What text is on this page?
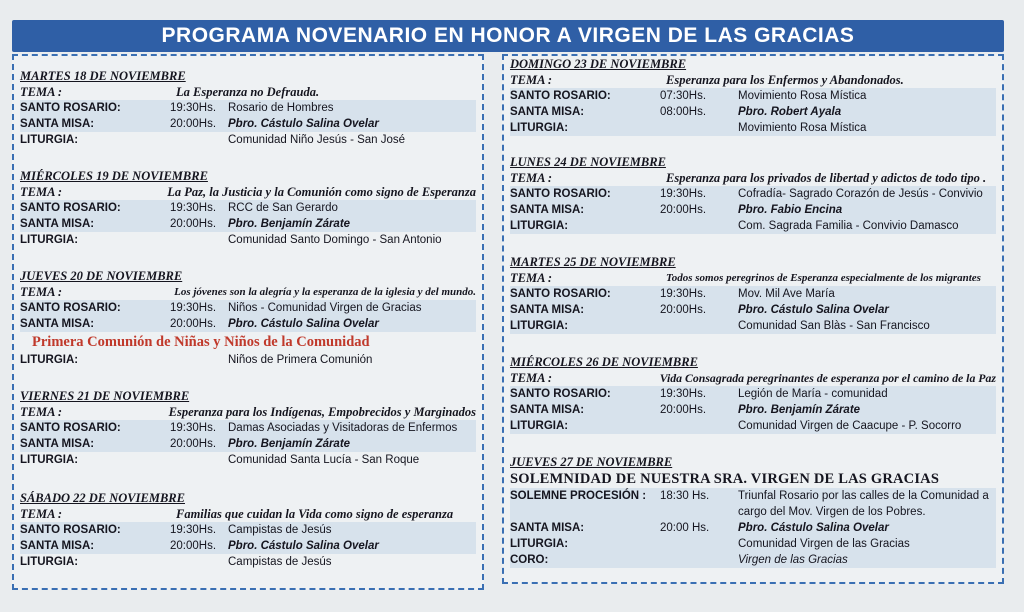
PROGRAMA NOVENARIO EN HONOR A VIRGEN DE LAS GRACIAS
MARTES 18 DE NOVIEMBRE
TEMA :	La Esperanza no Defrauda.
SANTO ROSARIO:	19:30Hs.	Rosario de Hombres
SANTA MISA:	20:00Hs.	Pbro. Cástulo Salina Ovelar
LITURGIA:	Comunidad Niño Jesús - San José
MIÉRCOLES 19 DE NOVIEMBRE
TEMA :	La Paz, la Justicia y la Comunión como signo de Esperanza
SANTO ROSARIO:	19:30Hs.	RCC de San Gerardo
SANTA MISA:	20:00Hs.	Pbro. Benjamín Zárate
LITURGIA:	Comunidad Santo Domingo - San Antonio
JUEVES 20 DE NOVIEMBRE
TEMA :	Los jóvenes son la alegría y la esperanza de la iglesia y del mundo.
SANTO ROSARIO:	19:30Hs.	Niños - Comunidad Virgen de Gracias
SANTA MISA:	20:00Hs.	Pbro. Cástulo Salina Ovelar
Primera Comunión de Niñas y Niños de la Comunidad
LITURGIA:	Niños de Primera Comunión
VIERNES 21 DE NOVIEMBRE
TEMA :	Esperanza para los Indígenas, Empobrecidos y Marginados
SANTO ROSARIO:	19:30Hs.	Damas Asociadas y Visitadoras de Enfermos
SANTA MISA:	20:00Hs.	Pbro. Benjamín Zárate
LITURGIA:	Comunidad Santa Lucía - San Roque
SÁBADO 22 DE NOVIEMBRE
TEMA :	Familias que cuidan la Vida como signo de esperanza
SANTO ROSARIO:	19:30Hs.	Campistas de Jesús
SANTA MISA:	20:00Hs.	Pbro. Cástulo Salina Ovelar
LITURGIA:	Campistas de Jesús
DOMINGO 23 DE NOVIEMBRE
TEMA :	Esperanza para los Enfermos y Abandonados.
SANTO ROSARIO:	07:30Hs.	Movimiento Rosa Mística
SANTA MISA:	08:00Hs.	Pbro. Robert Ayala
LITURGIA:	Movimiento Rosa Mística
LUNES 24 DE NOVIEMBRE
TEMA :	Esperanza para los privados de libertad y adictos de todo tipo .
SANTO ROSARIO:	19:30Hs.	Cofradía- Sagrado Corazón de Jesús - Convivio
SANTA MISA:	20:00Hs.	Pbro. Fabio Encina
LITURGIA:	Com. Sagrada Familia - Convivio Damasco
MARTES 25 DE NOVIEMBRE
TEMA :	Todos somos peregrinos de Esperanza especialmente de los migrantes
SANTO ROSARIO:	19:30Hs.	Mov. Mil Ave María
SANTA MISA:	20:00Hs.	Pbro. Cástulo Salina Ovelar
LITURGIA:	Comunidad San Blàs - San Francisco
MIÉRCOLES 26 DE NOVIEMBRE
TEMA :	Vida Consagrada peregrinantes de esperanza por el camino de la Paz
SANTO ROSARIO:	19:30Hs.	Legión de María - comunidad
SANTA MISA:	20:00Hs.	Pbro. Benjamín Zárate
LITURGIA:	Comunidad Virgen de Caacupe - P. Socorro
JUEVES 27 DE NOVIEMBRE
SOLEMNIDAD DE NUESTRA SRA. VIRGEN DE LAS GRACIAS
SOLEMNE PROCESIÓN :	18:30 Hs.	Triunfal Rosario por las calles de la Comunidad a cargo del Mov. Virgen de los Pobres.
SANTA MISA:	20:00 Hs.	Pbro. Cástulo Salina Ovelar
LITURGIA:	Comunidad Virgen de las Gracias
CORO:	Virgen de las Gracias
